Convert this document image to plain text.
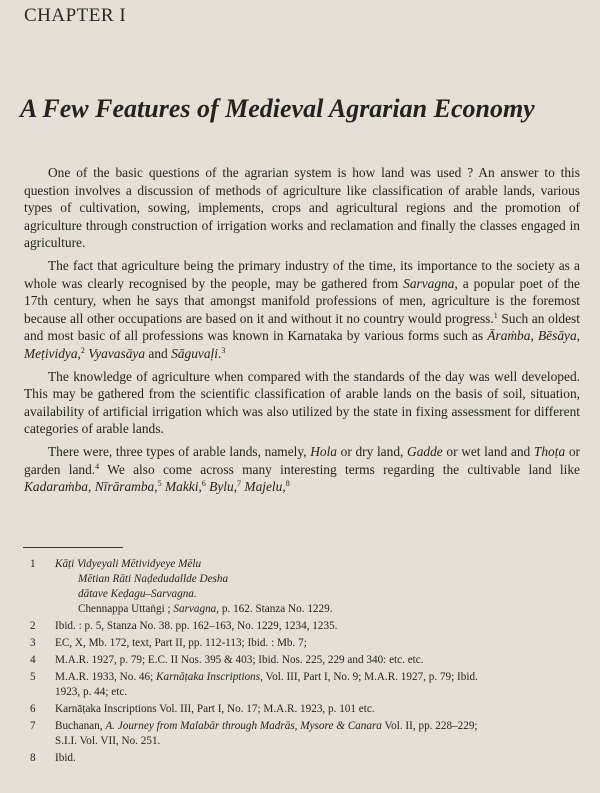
CHAPTER I
A Few Features of Medieval Agrarian Economy

One of the basic questions of the agrarian system is how land was used ? An answer to this question involves a discussion of methods of agriculture like classification of arable lands, various types of cultivation, sowing, implements, crops and agricultural regions and the promotion of agriculture through construction of irrigation works and reclamation and finally the classes engaged in agriculture.

The fact that agriculture being the primary industry of the time, its importance to the society as a whole was clearly recognised by the people, may be gathered from Sarvagna, a popular poet of the 17th century, when he says that amongst manifold professions of men, agriculture is the foremost because all other occupations are based on it and without it no country would progress.$^1$ Such an oldest and most basic of all professions was known in Karnataka by various forms such as Āraṁba, Bēsāya, Meṭividya,$^2$ Vyavasāya and Sāguvaḷi.$^3$

The knowledge of agriculture when compared with the standards of the day was well developed. This may be gathered from the scientific classification of arable lands on the basis of soil, situation, availability of artificial irrigation which was also utilized by the state in fixing assessment for different categories of arable lands.

There were, three types of arable lands, namely, Hola or dry land, Gadde or wet land and Thoṭa or garden land.$^4$ We also come across many interesting terms regarding the cultivable land like Kadaraṁba, Nīrāramba,$^5$ Makki,$^6$ Bylu,$^7$ Majelu,$^8$

1	Kāṭi Vidyeyali Mētividyeye Mēlu
Mētian Rāti Naḍedudallde Desha
dātave Keḍagu–Sarvagna.
Chennappa Uttaṅgi ; Sarvagna, p. 162. Stanza No. 1229.
2	Ibid. : p. 5, Stanza No. 38. pp. 162–163, No. 1229, 1234, 1235.
3	EC, X, Mb. 172, text, Part II, pp. 112-113; Ibid. : Mb. 7;
4	M.A.R. 1927, p. 79; E.C. II Nos. 395 & 403; Ibid. Nos. 225, 229 and 340: etc. etc.
5	M.A.R. 1933, No. 46; Karnāṭaka Inscriptions, Vol. III, Part I, No. 9; M.A.R. 1927, p. 79; Ibid.
1923, p. 44; etc.
6	Karnāṭaka Inscriptions Vol. III, Part I, No. 17; M.A.R. 1923, p. 101 etc.
7	Buchanan, A. Journey from Malabār through Madrās, Mysore & Canara Vol. II, pp. 228–229;
S.I.I. Vol. VII, No. 251.
8	Ibid.
